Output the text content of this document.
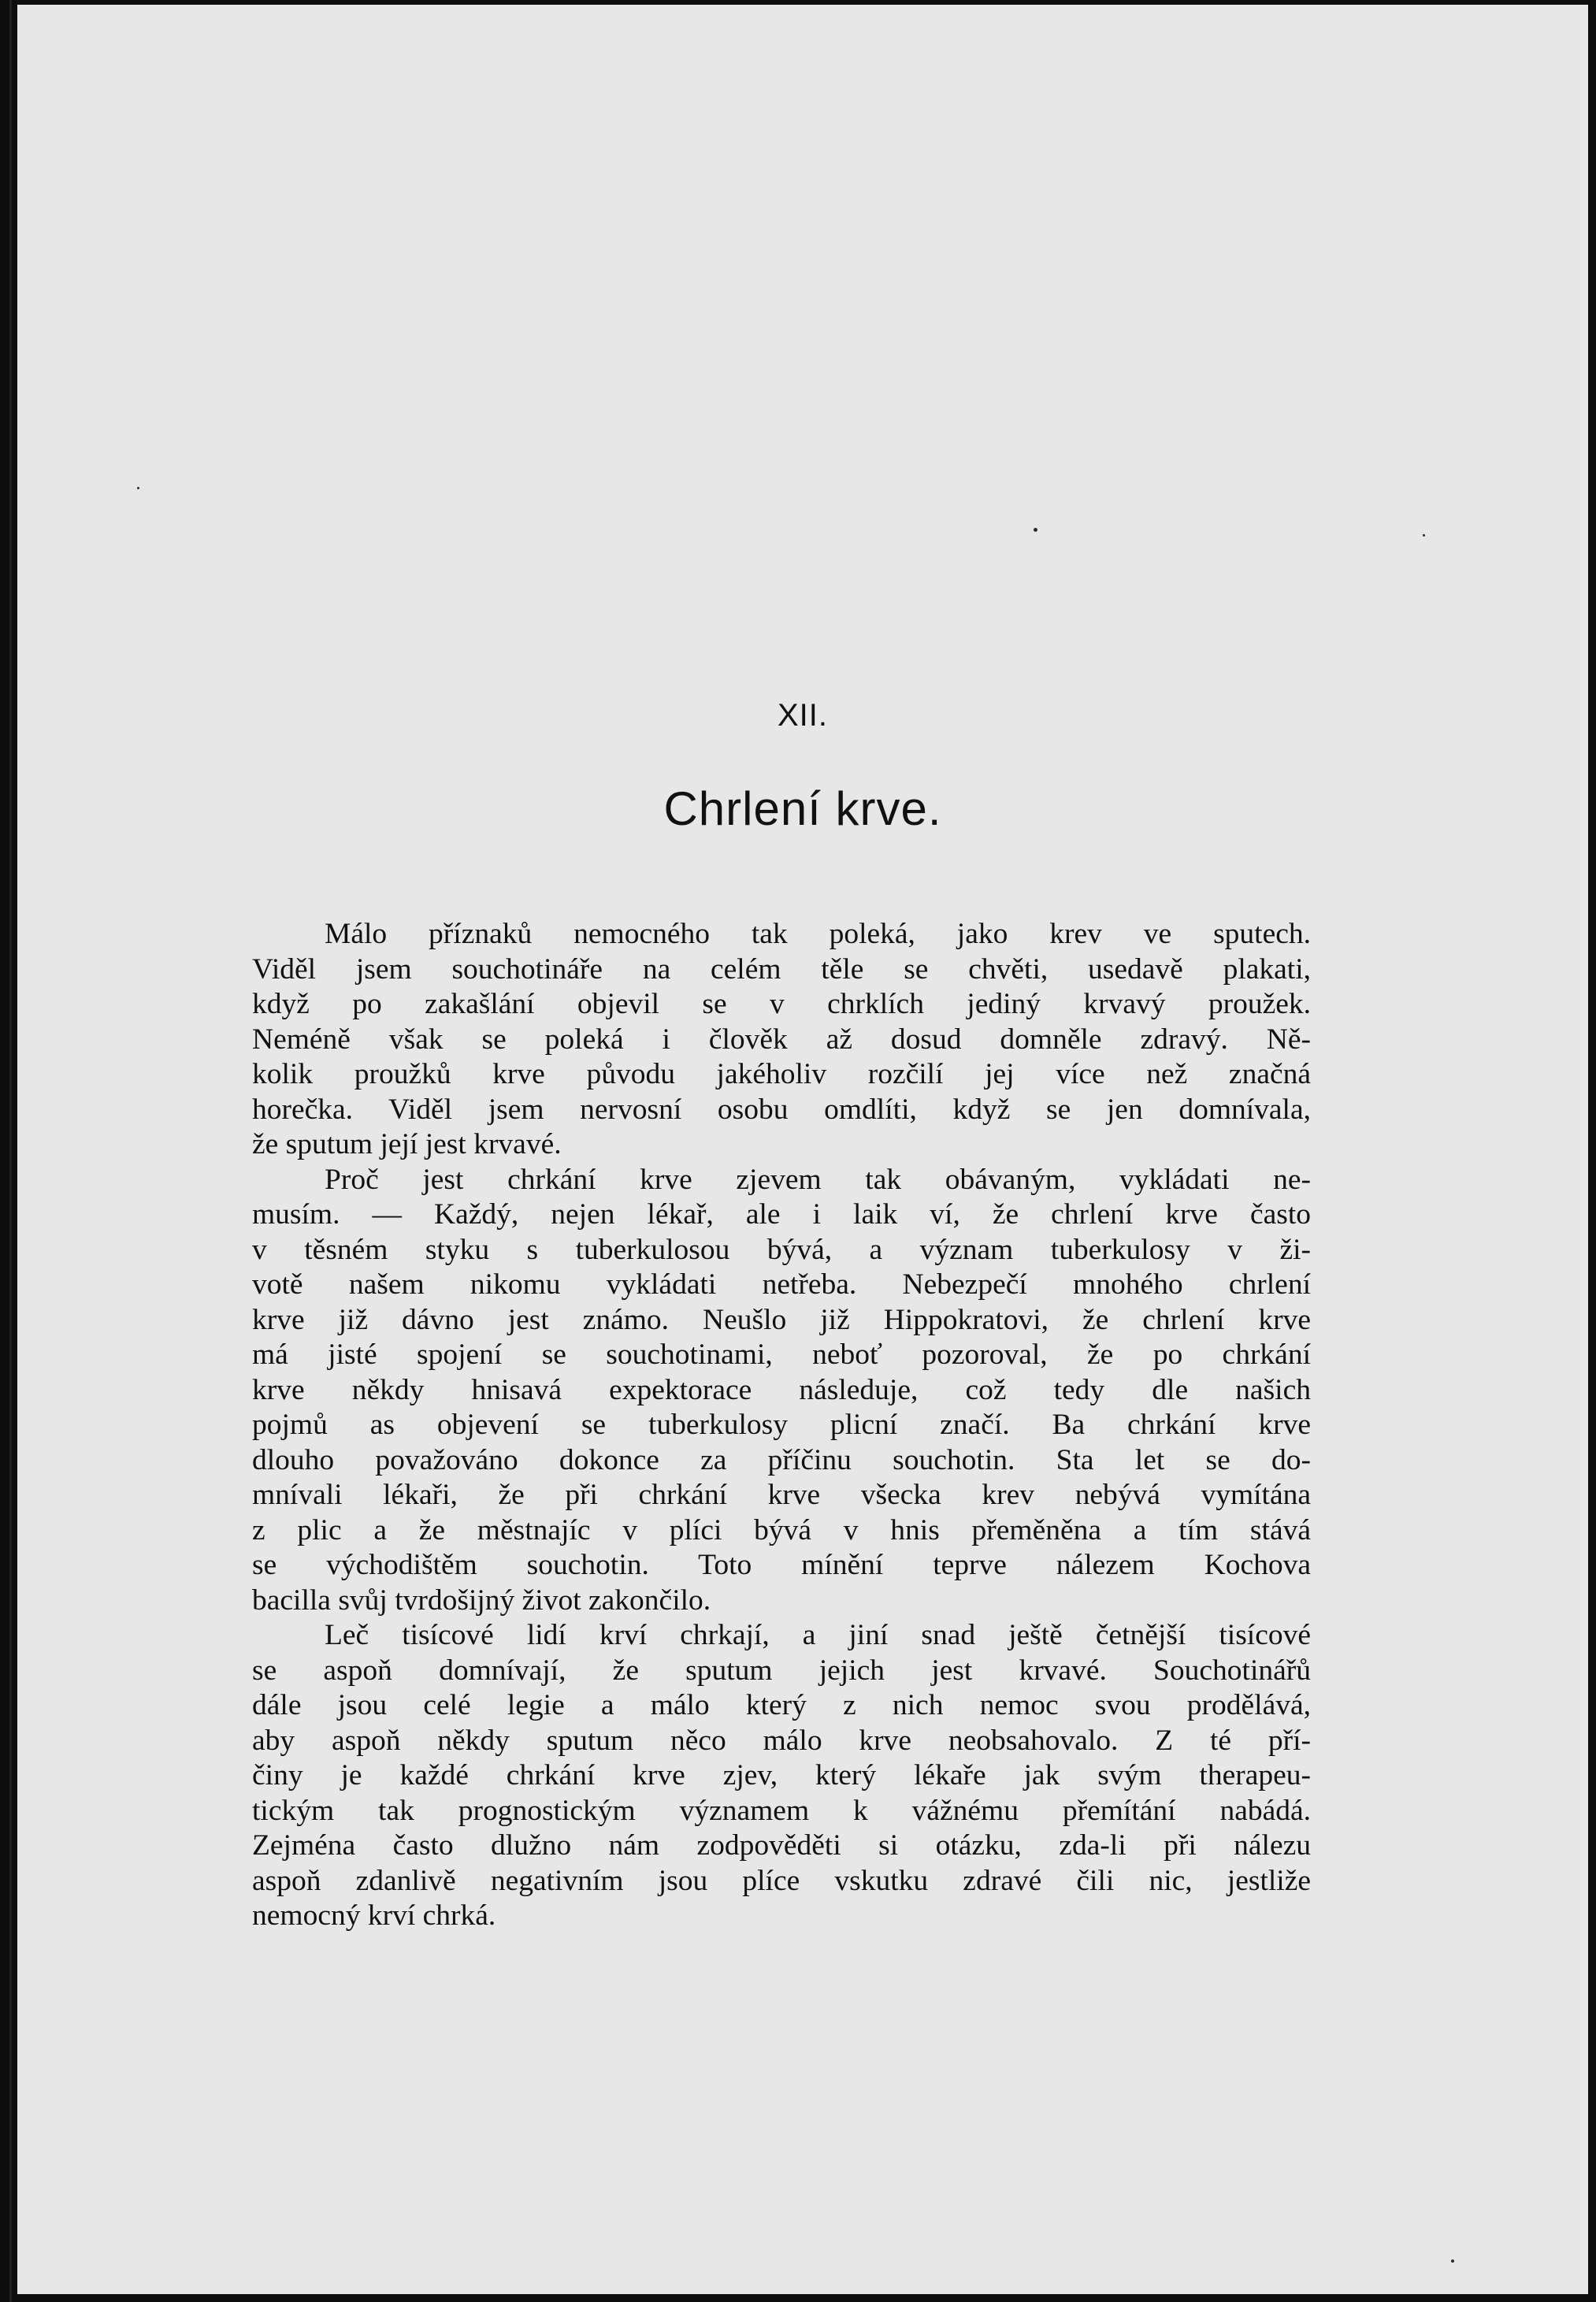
XII.
Chrlení krve.
Málo příznaků nemocného tak poleká, jako krev ve sputech.
Viděl jsem souchotináře na celém těle se chvěti, usedavě plakati,
když po zakašlání objevil se v chrklích jediný krvavý proužek.
Neméně však se poleká i člověk až dosud domněle zdravý. Ně-
kolik proužků krve původu jakéholiv rozčilí jej více než značná
horečka. Viděl jsem nervosní osobu omdlíti, když se jen domnívala,
že sputum její jest krvavé.
Proč jest chrkání krve zjevem tak obávaným, vykládati ne-
musím. — Každý, nejen lékař, ale i laik ví, že chrlení krve často
v těsném styku s tuberkulosou bývá, a význam tuberkulosy v ži-
votě našem nikomu vykládati netřeba. Nebezpečí mnohého chrlení
krve již dávno jest známo. Neušlo již Hippokratovi, že chrlení krve
má jisté spojení se souchotinami, neboť pozoroval, že po chrkání
krve někdy hnisavá expektorace následuje, což tedy dle našich
pojmů as objevení se tuberkulosy plicní značí. Ba chrkání krve
dlouho považováno dokonce za příčinu souchotin. Sta let se do-
mnívali lékaři, že při chrkání krve všecka krev nebývá vymítána
z plic a že městnajíc v plíci bývá v hnis přeměněna a tím stává
se východištěm souchotin. Toto mínění teprve nálezem Kochova
bacilla svůj tvrdošijný život zakončilo.
Leč tisícové lidí krví chrkají, a jiní snad ještě četnější tisícové
se aspoň domnívají, že sputum jejich jest krvavé. Souchotinářů
dále jsou celé legie a málo který z nich nemoc svou prodělává,
aby aspoň někdy sputum něco málo krve neobsahovalo. Z té pří-
činy je každé chrkání krve zjev, který lékaře jak svým therapeu-
tickým tak prognostickým významem k vážnému přemítání nabádá.
Zejména často dlužno nám zodpověděti si otázku, zda-li při nálezu
aspoň zdanlivě negativním jsou plíce vskutku zdravé čili nic, jestliže
nemocný krví chrká.
